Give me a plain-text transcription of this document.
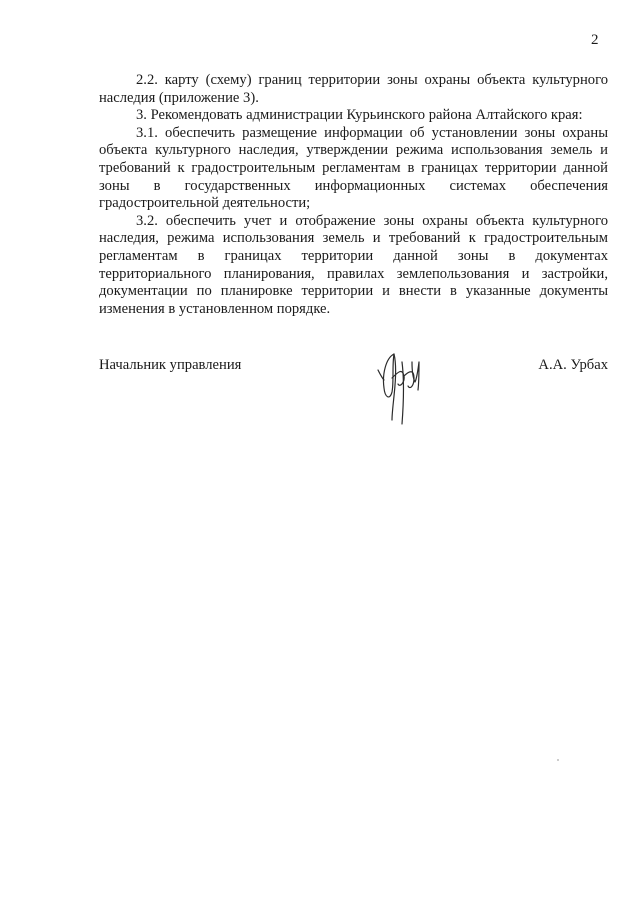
2

2.2. карту (схему) границ территории зоны охраны объекта культурного наследия (приложение 3).

3. Рекомендовать администрации Курьинского района Алтайского края:

3.1. обеспечить размещение информации об установлении зоны охраны объекта культурного наследия, утверждении режима использования земель и требований к градостроительным регламентам в границах территории данной зоны в государственных информационных системах обеспечения градостроительной деятельности;

3.2. обеспечить учет и отображение зоны охраны объекта культурного наследия, режима использования земель и требований к градостроительным регламентам в границах территории данной зоны в документах территориального планирования, правилах землепользования и застройки, документации по планировке территории и внести в указанные документы изменения в установленном порядке.

Начальник управления	А.А. Урбах
